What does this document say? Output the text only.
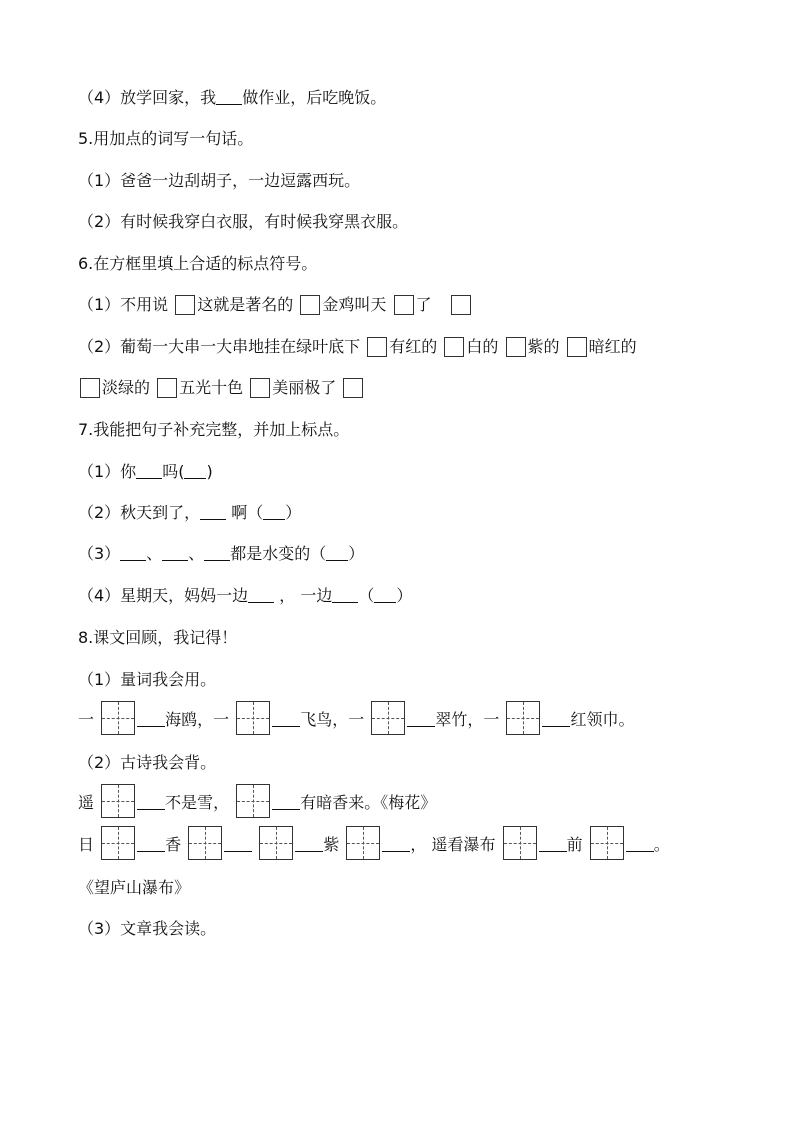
（4）放学回家，我 做作业，后吃晚饭。
5.用加点的词写一句话。
（1）爸爸一边刮胡子，一边逗露西玩。
（2）有时候我穿白衣服，有时候我穿黑衣服。
6.在方框里填上合适的标点符号。
（1）不用说 这就是著名的 金鸡叫天 了
（2）葡萄一大串一大串地挂在绿叶底下 有红的 白的 紫的 暗红的
淡绿的 五光十色 美丽极了
7.我能把句子补充完整，并加上标点。
（1）你 吗( )
（2）秋天到了， 啊（ ）
（3） 、 、 都是水变的（ ）
（4）星期天，妈妈一边 ， 一边 （ ）
8.课文回顾，我记得！
（1）量词我会用。
一	海鸥，一	飞鸟，一	翠竹，一	红领巾。
（2）古诗我会背。
遥	不是雪，	有暗香来。《梅花》
日	香	紫	， 遥看瀑布	前	。
《望庐山瀑布》
（3）文章我会读。
